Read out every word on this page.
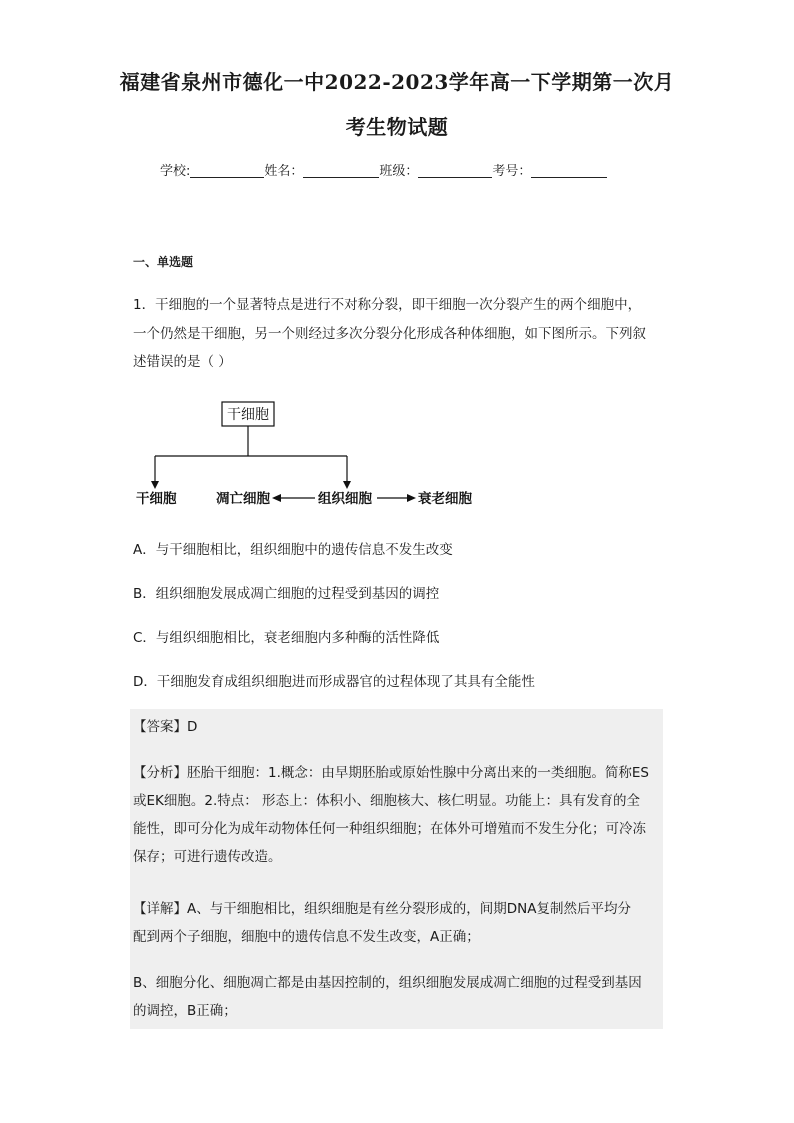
福建省泉州市德化一中2022-2023学年高一下学期第一次月
考生物试题
学校:	姓名：	班级：	考号：
一、单选题
1．干细胞的一个显著特点是进行不对称分裂，即干细胞一次分裂产生的两个细胞中，
一个仍然是干细胞，另一个则经过多次分裂分化形成各种体细胞，如下图所示。下列叙
述错误的是（ ）
干细胞
干细胞	凋亡细胞	组织细胞	衰老细胞
A．与干细胞相比，组织细胞中的遗传信息不发生改变
B．组织细胞发展成凋亡细胞的过程受到基因的调控
C．与组织细胞相比，衰老细胞内多种酶的活性降低
D．干细胞发育成组织细胞进而形成器官的过程体现了其具有全能性
【答案】D
【分析】胚胎干细胞：1.概念：由早期胚胎或原始性腺中分离出来的一类细胞。简称ES
或EK细胞。2.特点： 形态上：体积小、细胞核大、核仁明显。功能上：具有发育的全
能性，即可分化为成年动物体任何一种组织细胞；在体外可增殖而不发生分化；可冷冻
保存；可进行遗传改造。
【详解】A、与干细胞相比，组织细胞是有丝分裂形成的，间期DNA复制然后平均分
配到两个子细胞，细胞中的遗传信息不发生改变，A正确；
B、细胞分化、细胞凋亡都是由基因控制的，组织细胞发展成凋亡细胞的过程受到基因
的调控，B正确；
